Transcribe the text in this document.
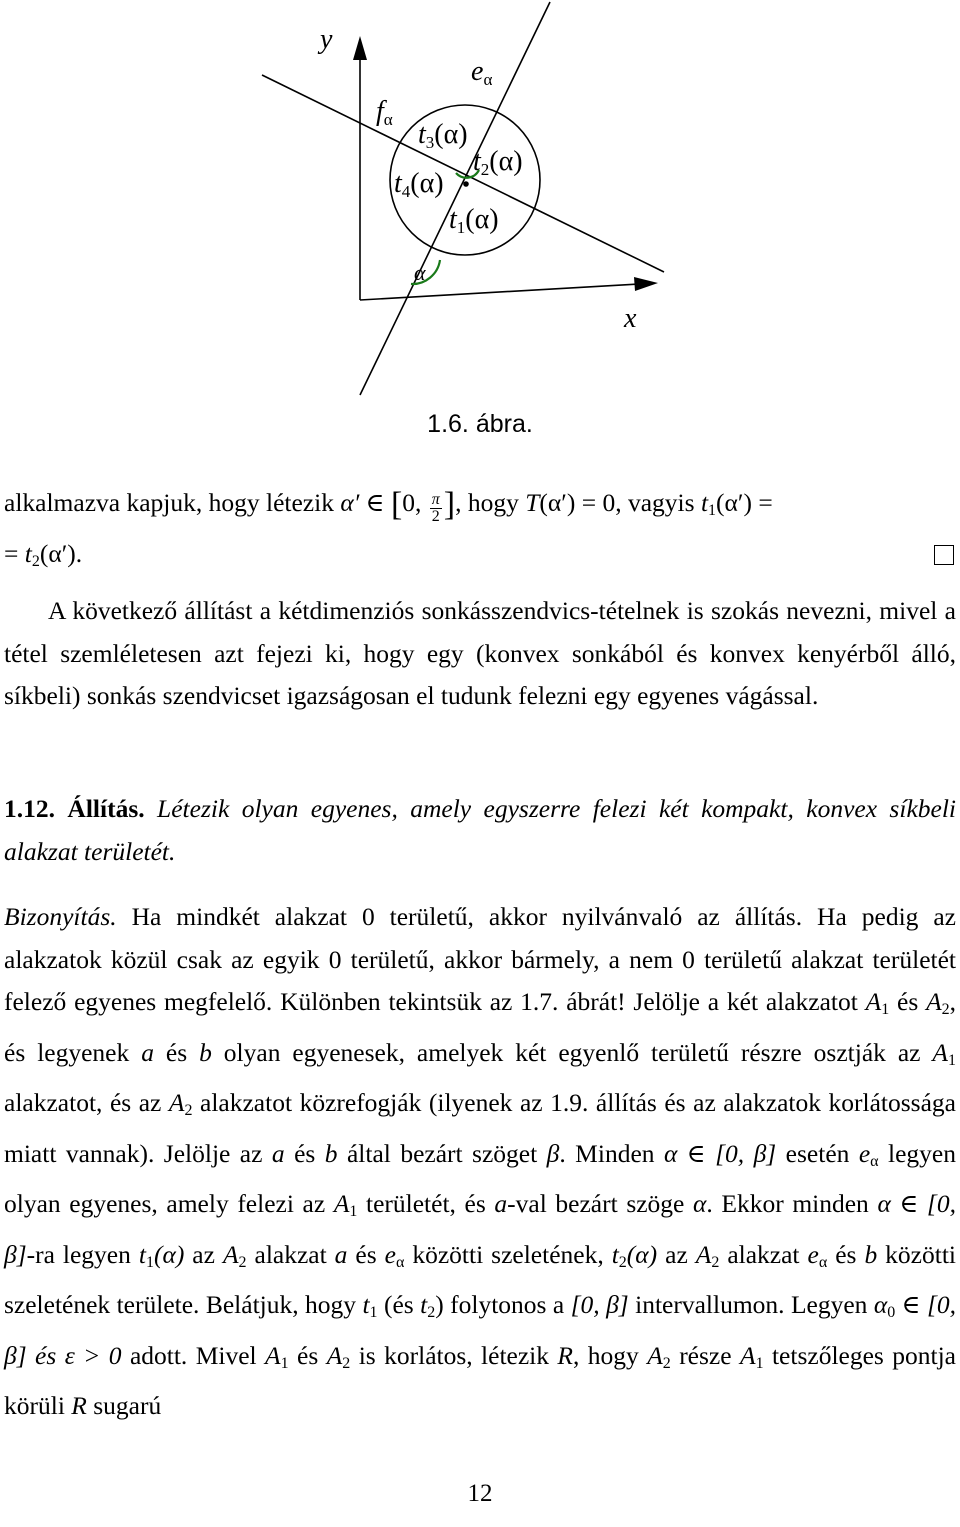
y
x
$e_\alpha$
$f_\alpha$ $t_3(\alpha)$
$t_2(\alpha)$
$t_4(\alpha)$
$t_1(\alpha)$
α
1.6. ábra.

alkalmazva kapjuk, hogy létezik α′ ∈ [0, $\frac{\pi}{2}$ ], hogy T(α′) = 0, vagyis $t_1(\alpha')$ =
= $t_2(\alpha')$.

A következő állítást a kétdimenziós sonkásszendvics-tételnek is szokás nevezni, mivel a tétel szemléletesen azt fejezi ki, hogy egy (konvex sonkából és konvex kenyérből álló, síkbeli) sonkás szendvicset igazságosan el tudunk felezni egy egyenes vágással.

1.12. Állítás. Létezik olyan egyenes, amely egyszerre felezi két kompakt, konvex síkbeli alakzat területét.

Bizonyítás. Ha mindkét alakzat 0 területű, akkor nyilvánvaló az állítás. Ha pedig az alakzatok közül csak az egyik 0 területű, akkor bármely, a nem 0 területű alakzat területét felező egyenes megfelelő. Különben tekintsük az 1.7. ábrát! Jelölje a két alakzatot $A_1$ és $A_2$, és legyenek a és b olyan egyenesek, amelyek két egyenlő területű részre osztják az $A_1$ alakzatot, és az $A_2$ alakzatot közrefogják (ilyenek az 1.9. állítás és az alakzatok korlátossága miatt vannak). Jelölje az a és b által bezárt szöget β. Minden α ∈ [0, β] esetén $e_\alpha$ legyen olyan egyenes, amely felezi az $A_1$ területét, és a-val bezárt szöge α. Ekkor minden α ∈ [0, β]-ra legyen $t_1(\alpha)$ az $A_2$ alakzat a és $e_\alpha$ közötti szeletének, $t_2(\alpha)$ az $A_2$ alakzat $e_\alpha$ és b közötti szeletének területe. Belátjuk, hogy $t_1$ (és $t_2$) folytonos a [0, β] intervallumon. Legyen $\alpha_0$ ∈ [0, β] és ε > 0 adott. Mivel $A_1$ és $A_2$ is korlátos, létezik R, hogy $A_2$ része $A_1$ tetszőleges pontja körüli R sugarú

12
